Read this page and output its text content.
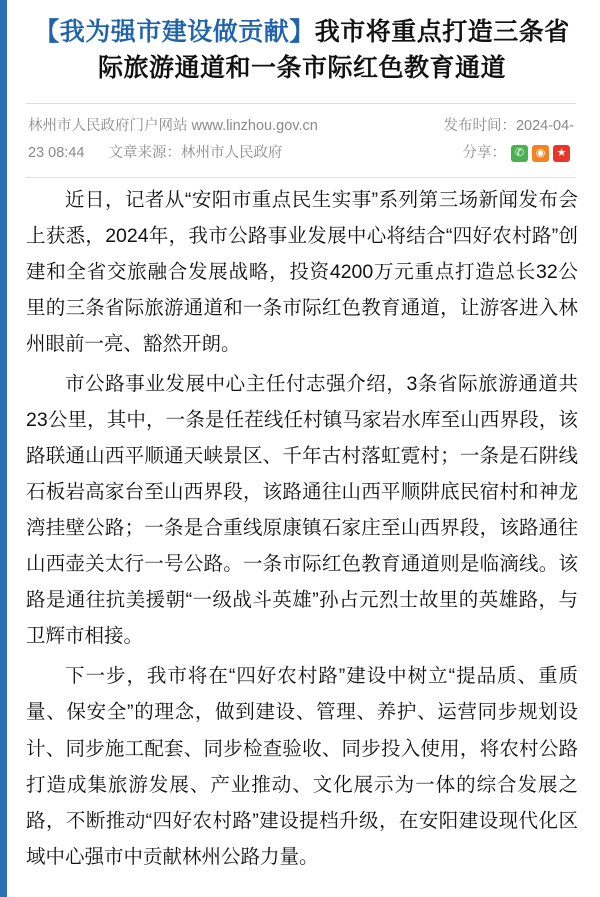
【我为强市建设做贡献】我市将重点打造三条省际旅游通道和一条市际红色教育通道
林州市人民政府门户网站 www.linzhou.gov.cn	发布时间：2024-04-
23 08:44 文章来源：林州市人民政府	分享： ✆	◉	★

近日，记者从“安阳市重点民生实事”系列第三场新闻发布会上获悉，2024年，我市公路事业发展中心将结合“四好农村路”创建和全省交旅融合发展战略，投资4200万元重点打造总长32公里的三条省际旅游通道和一条市际红色教育通道，让游客进入林州眼前一亮、豁然开朗。

市公路事业发展中心主任付志强介绍，3条省际旅游通道共23公里，其中，一条是任茬线任村镇马家岩水库至山西界段，该路联通山西平顺通天峡景区、千年古村落虹霓村；一条是石阱线石板岩高家台至山西界段，该路通往山西平顺阱底民宿村和神龙湾挂壁公路；一条是合重线原康镇石家庄至山西界段，该路通往山西壶关太行一号公路。一条市际红色教育通道则是临滴线。该路是通往抗美援朝“一级战斗英雄”孙占元烈士故里的英雄路，与卫辉市相接。

下一步，我市将在“四好农村路”建设中树立“提品质、重质量、保安全”的理念，做到建设、管理、养护、运营同步规划设计、同步施工配套、同步检查验收、同步投入使用，将农村公路打造成集旅游发展、产业推动、文化展示为一体的综合发展之路，不断推动“四好农村路”建设提档升级，在安阳建设现代化区域中心强市中贡献林州公路力量。
